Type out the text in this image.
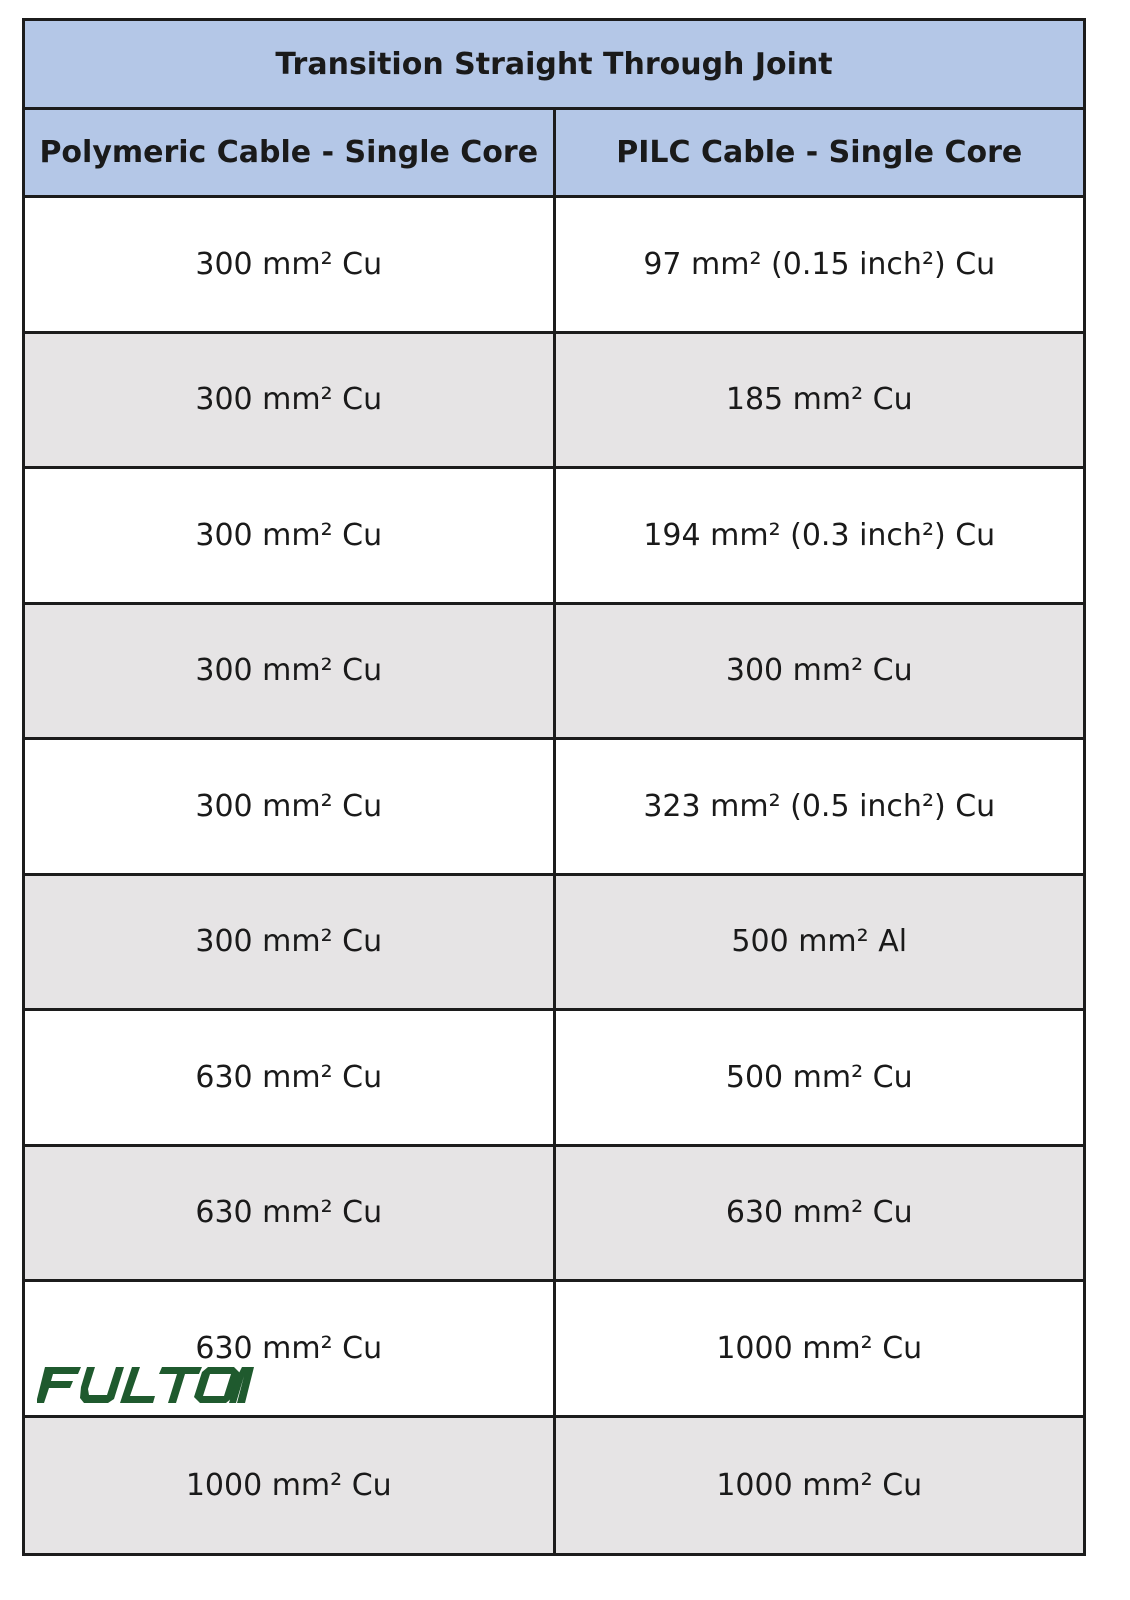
Transition Straight Through Joint
Polymeric Cable - Single Core	PILC Cable - Single Core
300 mm² Cu	97 mm² (0.15 inch²) Cu
300 mm² Cu	185 mm² Cu
300 mm² Cu	194 mm² (0.3 inch²) Cu
300 mm² Cu	300 mm² Cu
300 mm² Cu	323 mm² (0.5 inch²) Cu
300 mm² Cu	500 mm² Al
630 mm² Cu	500 mm² Cu
630 mm² Cu	630 mm² Cu
630 mm² Cu	1000 mm² Cu
1000 mm² Cu	1000 mm² Cu
